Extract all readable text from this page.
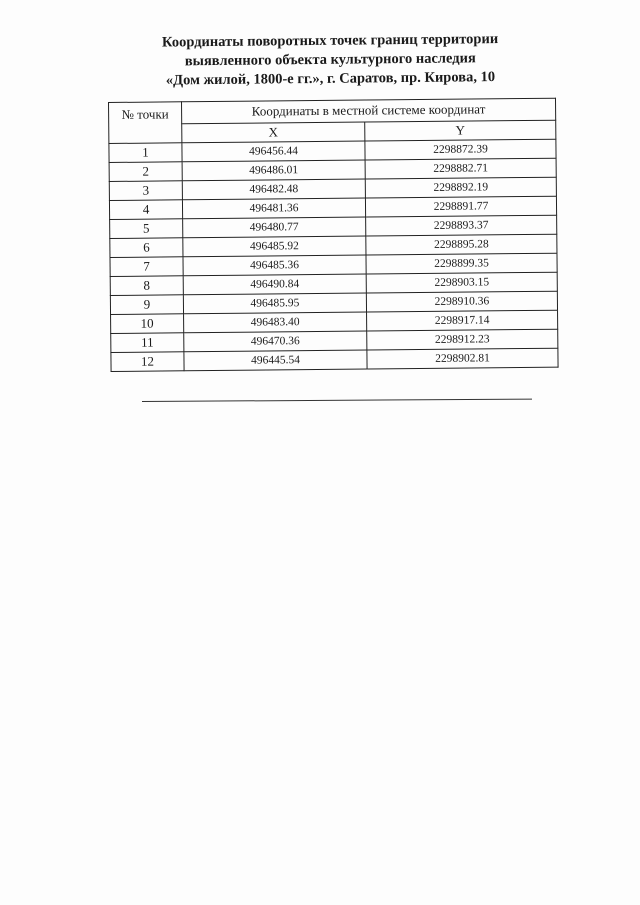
Координаты поворотных точек границ территории
выявленного объекта культурного наследия
«Дом жилой, 1800-е гг.», г. Саратов, пр. Кирова, 10
№ точки	Координаты в местной системе координат	
	X	Y
1	496456.44	2298872.39
2	496486.01	2298882.71
3	496482.48	2298892.19
4	496481.36	2298891.77
5	496480.77	2298893.37
6	496485.92	2298895.28
7	496485.36	2298899.35
8	496490.84	2298903.15
9	496485.95	2298910.36
10	496483.40	2298917.14
11	496470.36	2298912.23
12	496445.54	2298902.81
